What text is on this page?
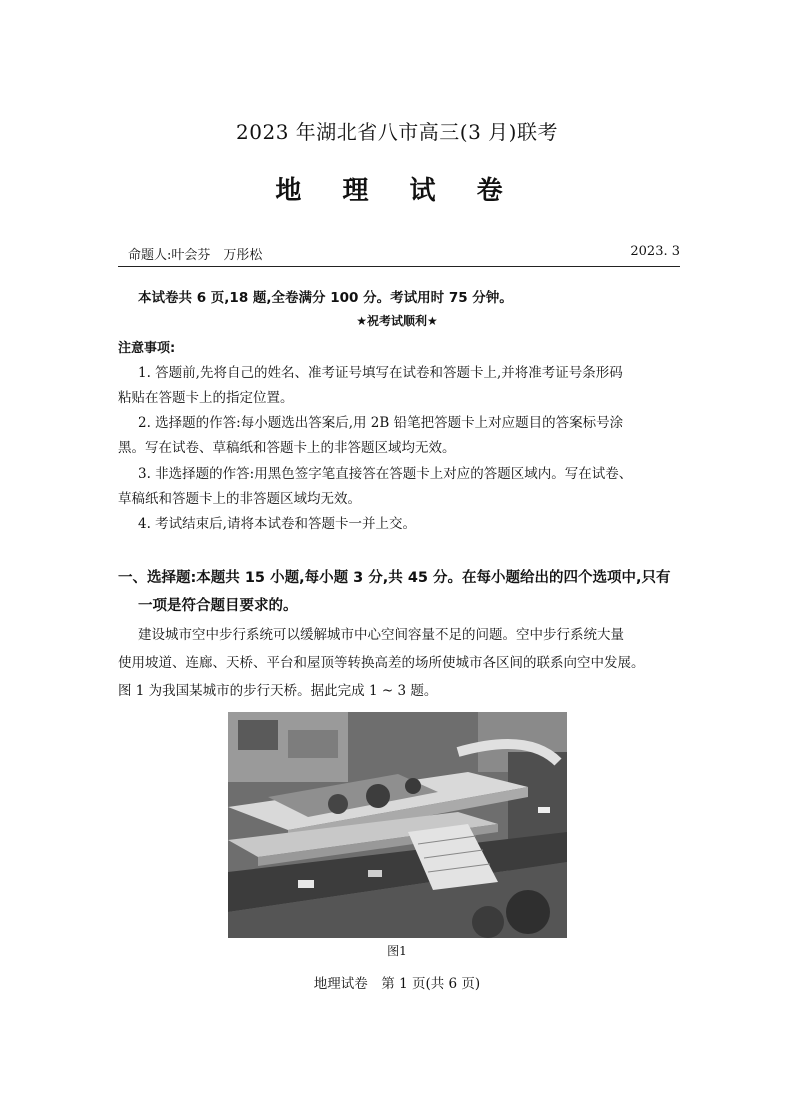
2023 年湖北省八市高三(3 月)联考
地 理 试 卷
命题人:叶会芬　万彤松	2023. 3
本试卷共 6 页,18 题,全卷满分 100 分。考试用时 75 分钟。
★祝考试顺利★
注意事项:
1. 答题前,先将自己的姓名、准考证号填写在试卷和答题卡上,并将准考证号条形码
粘贴在答题卡上的指定位置。
2. 选择题的作答:每小题选出答案后,用 2B 铅笔把答题卡上对应题目的答案标号涂
黑。写在试卷、草稿纸和答题卡上的非答题区域均无效。
3. 非选择题的作答:用黑色签字笔直接答在答题卡上对应的答题区域内。写在试卷、
草稿纸和答题卡上的非答题区域均无效。
4. 考试结束后,请将本试卷和答题卡一并上交。
一、选择题:本题共 15 小题,每小题 3 分,共 45 分。在每小题给出的四个选项中,只有
一项是符合题目要求的。
建设城市空中步行系统可以缓解城市中心空间容量不足的问题。空中步行系统大量
使用坡道、连廊、天桥、平台和屋顶等转换高差的场所使城市各区间的联系向空中发展。
图 1 为我国某城市的步行天桥。据此完成 1 ~ 3 题。
图1
地理试卷　第 1 页(共 6 页)
